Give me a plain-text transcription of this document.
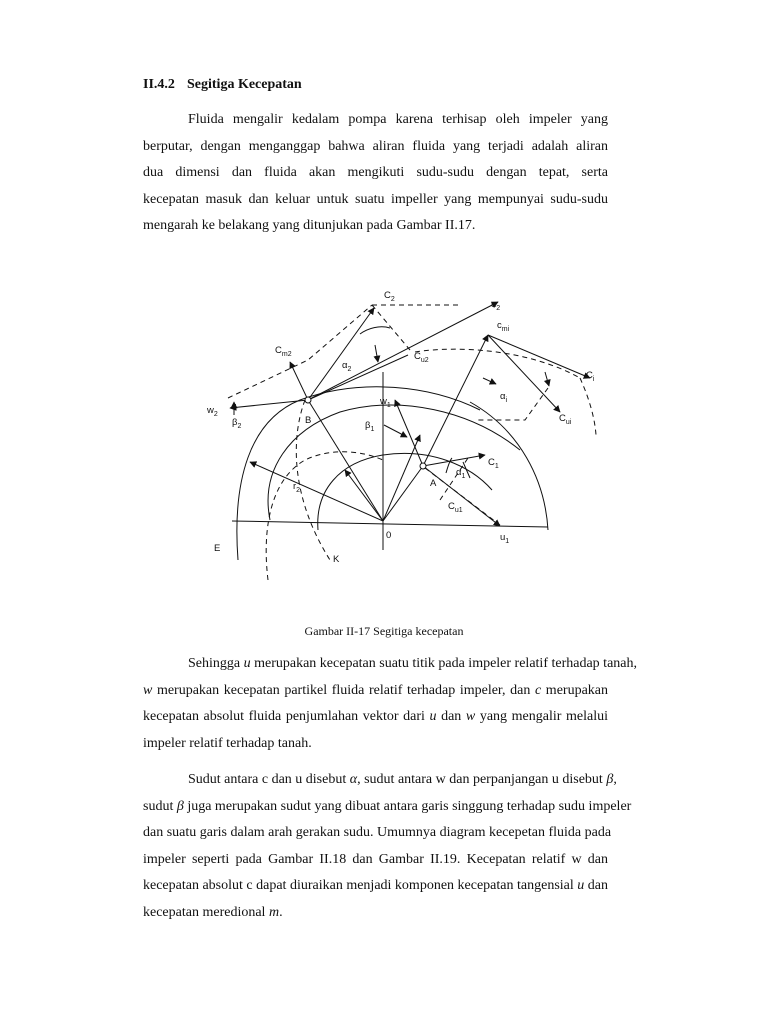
II.4.2 Segitiga Kecepatan
Fluida mengalir kedalam pompa karena terhisap oleh impeler yang
berputar, dengan menganggap bahwa aliran fluida yang terjadi adalah aliran
dua dimensi dan fluida akan mengikuti sudu-sudu dengan tepat, serta
kecepatan masuk dan keluar untuk suatu impeller yang mempunyai sudu-sudu
mengarah ke belakang yang ditunjukan pada Gambar II.17.
$C_2$	$u_2$
$c_{mi}$
$C_{m2}$	$C_{u2}$
$\alpha_2$
$C_i$
$\alpha_i$
$C_{ui}$
$w_2$
$\beta_2$
B
$w_1$
$\beta_1$
$C_1$
$\alpha_1$
A
$C_{u1}$
$r_2$
0	$u_1$
E
K
Gambar II-17 Segitiga kecepatan
Sehingga u merupakan kecepatan suatu titik pada impeler relatif terhadap tanah,
w merupakan kecepatan partikel fluida relatif terhadap impeler, dan c merupakan
kecepatan absolut fluida penjumlahan vektor dari u dan w yang mengalir melalui
impeler relatif terhadap tanah.
Sudut antara c dan u disebut α, sudut antara w dan perpanjangan u disebut β,
sudut β juga merupakan sudut yang dibuat antara garis singgung terhadap sudu impeler
dan suatu garis dalam arah gerakan sudu. Umumnya diagram kecepetan fluida pada
impeler seperti pada Gambar II.18 dan Gambar II.19. Kecepatan relatif w dan
kecepatan absolut c dapat diuraikan menjadi komponen kecepatan tangensial u dan
kecepatan meredional m.
